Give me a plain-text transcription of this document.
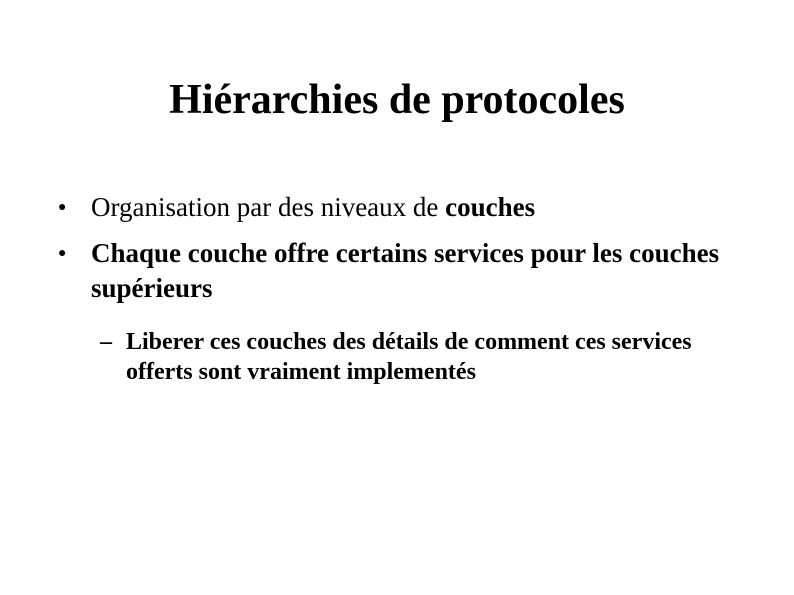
Hiérarchies de protocoles
● Organisation par des niveaux de couches
● Chaque couche offre certains services pour les couches supérieurs
– Liberer ces couches des détails de comment ces services offerts sont vraiment implementés
